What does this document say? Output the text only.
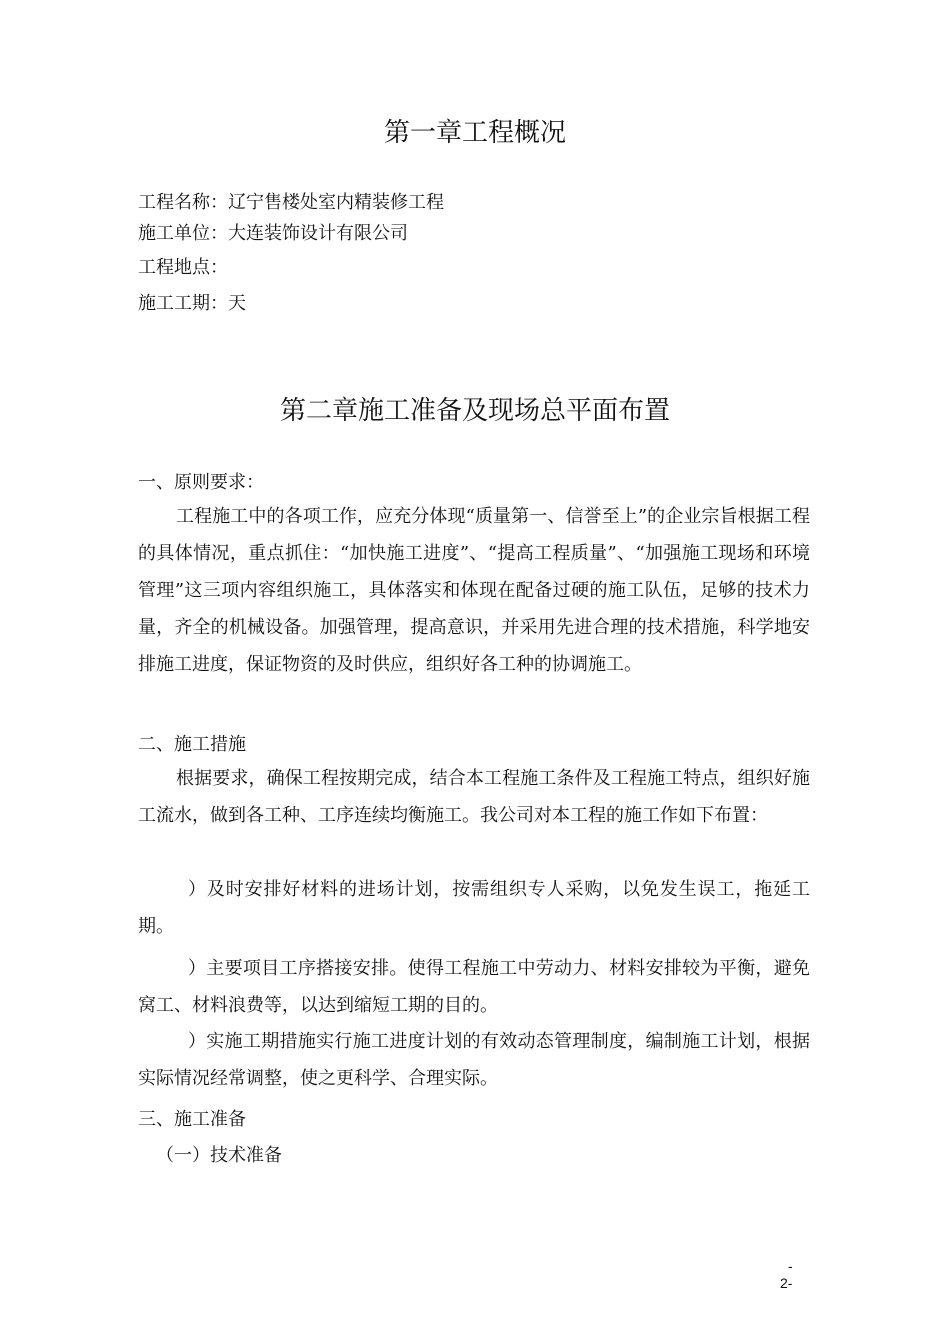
第一章工程概况
工程名称：辽宁售楼处室内精装修工程
施工单位：大连装饰设计有限公司
工程地点：
施工工期：天
第二章施工准备及现场总平面布置
一、原则要求：

工程施工中的各项工作，应充分体现“质量第一、信誉至上”的企业宗旨根据工程的具体情况，重点抓住：“加快施工进度”、“提高工程质量”、“加强施工现场和环境管理”这三项内容组织施工，具体落实和体现在配备过硬的施工队伍，足够的技术力量，齐全的机械设备。加强管理，提高意识，并采用先进合理的技术措施，科学地安排施工进度，保证物资的及时供应，组织好各工种的协调施工。

二、施工措施

根据要求，确保工程按期完成，结合本工程施工条件及工程施工特点，组织好施工流水，做到各工种、工序连续均衡施工。我公司对本工程的施工作如下布置：

）及时安排好材料的进场计划，按需组织专人采购，以免发生误工，拖延工期。

）主要项目工序搭接安排。使得工程施工中劳动力、材料安排较为平衡，避免窝工、材料浪费等，以达到缩短工期的目的。

）实施工期措施实行施工进度计划的有效动态管理制度，编制施工计划，根据实际情况经常调整，使之更科学、合理实际。

三、施工准备
（一）技术准备
-
2-
